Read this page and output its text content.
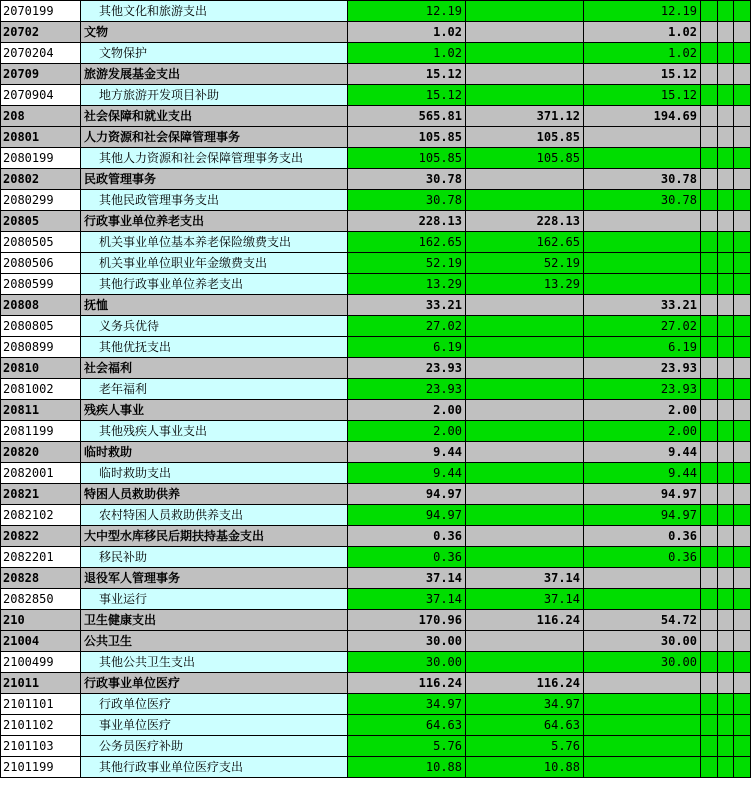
2070199	其他文化和旅游支出	12.19		12.19			
20702	文物	1.02		1.02			
2070204	文物保护	1.02		1.02			
20709	旅游发展基金支出	15.12		15.12			
2070904	地方旅游开发项目补助	15.12		15.12			
208	社会保障和就业支出	565.81	371.12	194.69			
20801	人力资源和社会保障管理事务	105.85	105.85				
2080199	其他人力资源和社会保障管理事务支出	105.85	105.85				
20802	民政管理事务	30.78		30.78			
2080299	其他民政管理事务支出	30.78		30.78			
20805	行政事业单位养老支出	228.13	228.13				
2080505	机关事业单位基本养老保险缴费支出	162.65	162.65				
2080506	机关事业单位职业年金缴费支出	52.19	52.19				
2080599	其他行政事业单位养老支出	13.29	13.29				
20808	抚恤	33.21		33.21			
2080805	义务兵优待	27.02		27.02			
2080899	其他优抚支出	6.19		6.19			
20810	社会福利	23.93		23.93			
2081002	老年福利	23.93		23.93			
20811	残疾人事业	2.00		2.00			
2081199	其他残疾人事业支出	2.00		2.00			
20820	临时救助	9.44		9.44			
2082001	临时救助支出	9.44		9.44			
20821	特困人员救助供养	94.97		94.97			
2082102	农村特困人员救助供养支出	94.97		94.97			
20822	大中型水库移民后期扶持基金支出	0.36		0.36			
2082201	移民补助	0.36		0.36			
20828	退役军人管理事务	37.14	37.14				
2082850	事业运行	37.14	37.14				
210	卫生健康支出	170.96	116.24	54.72			
21004	公共卫生	30.00		30.00			
2100499	其他公共卫生支出	30.00		30.00			
21011	行政事业单位医疗	116.24	116.24				
2101101	行政单位医疗	34.97	34.97				
2101102	事业单位医疗	64.63	64.63				
2101103	公务员医疗补助	5.76	5.76				
2101199	其他行政事业单位医疗支出	10.88	10.88				
